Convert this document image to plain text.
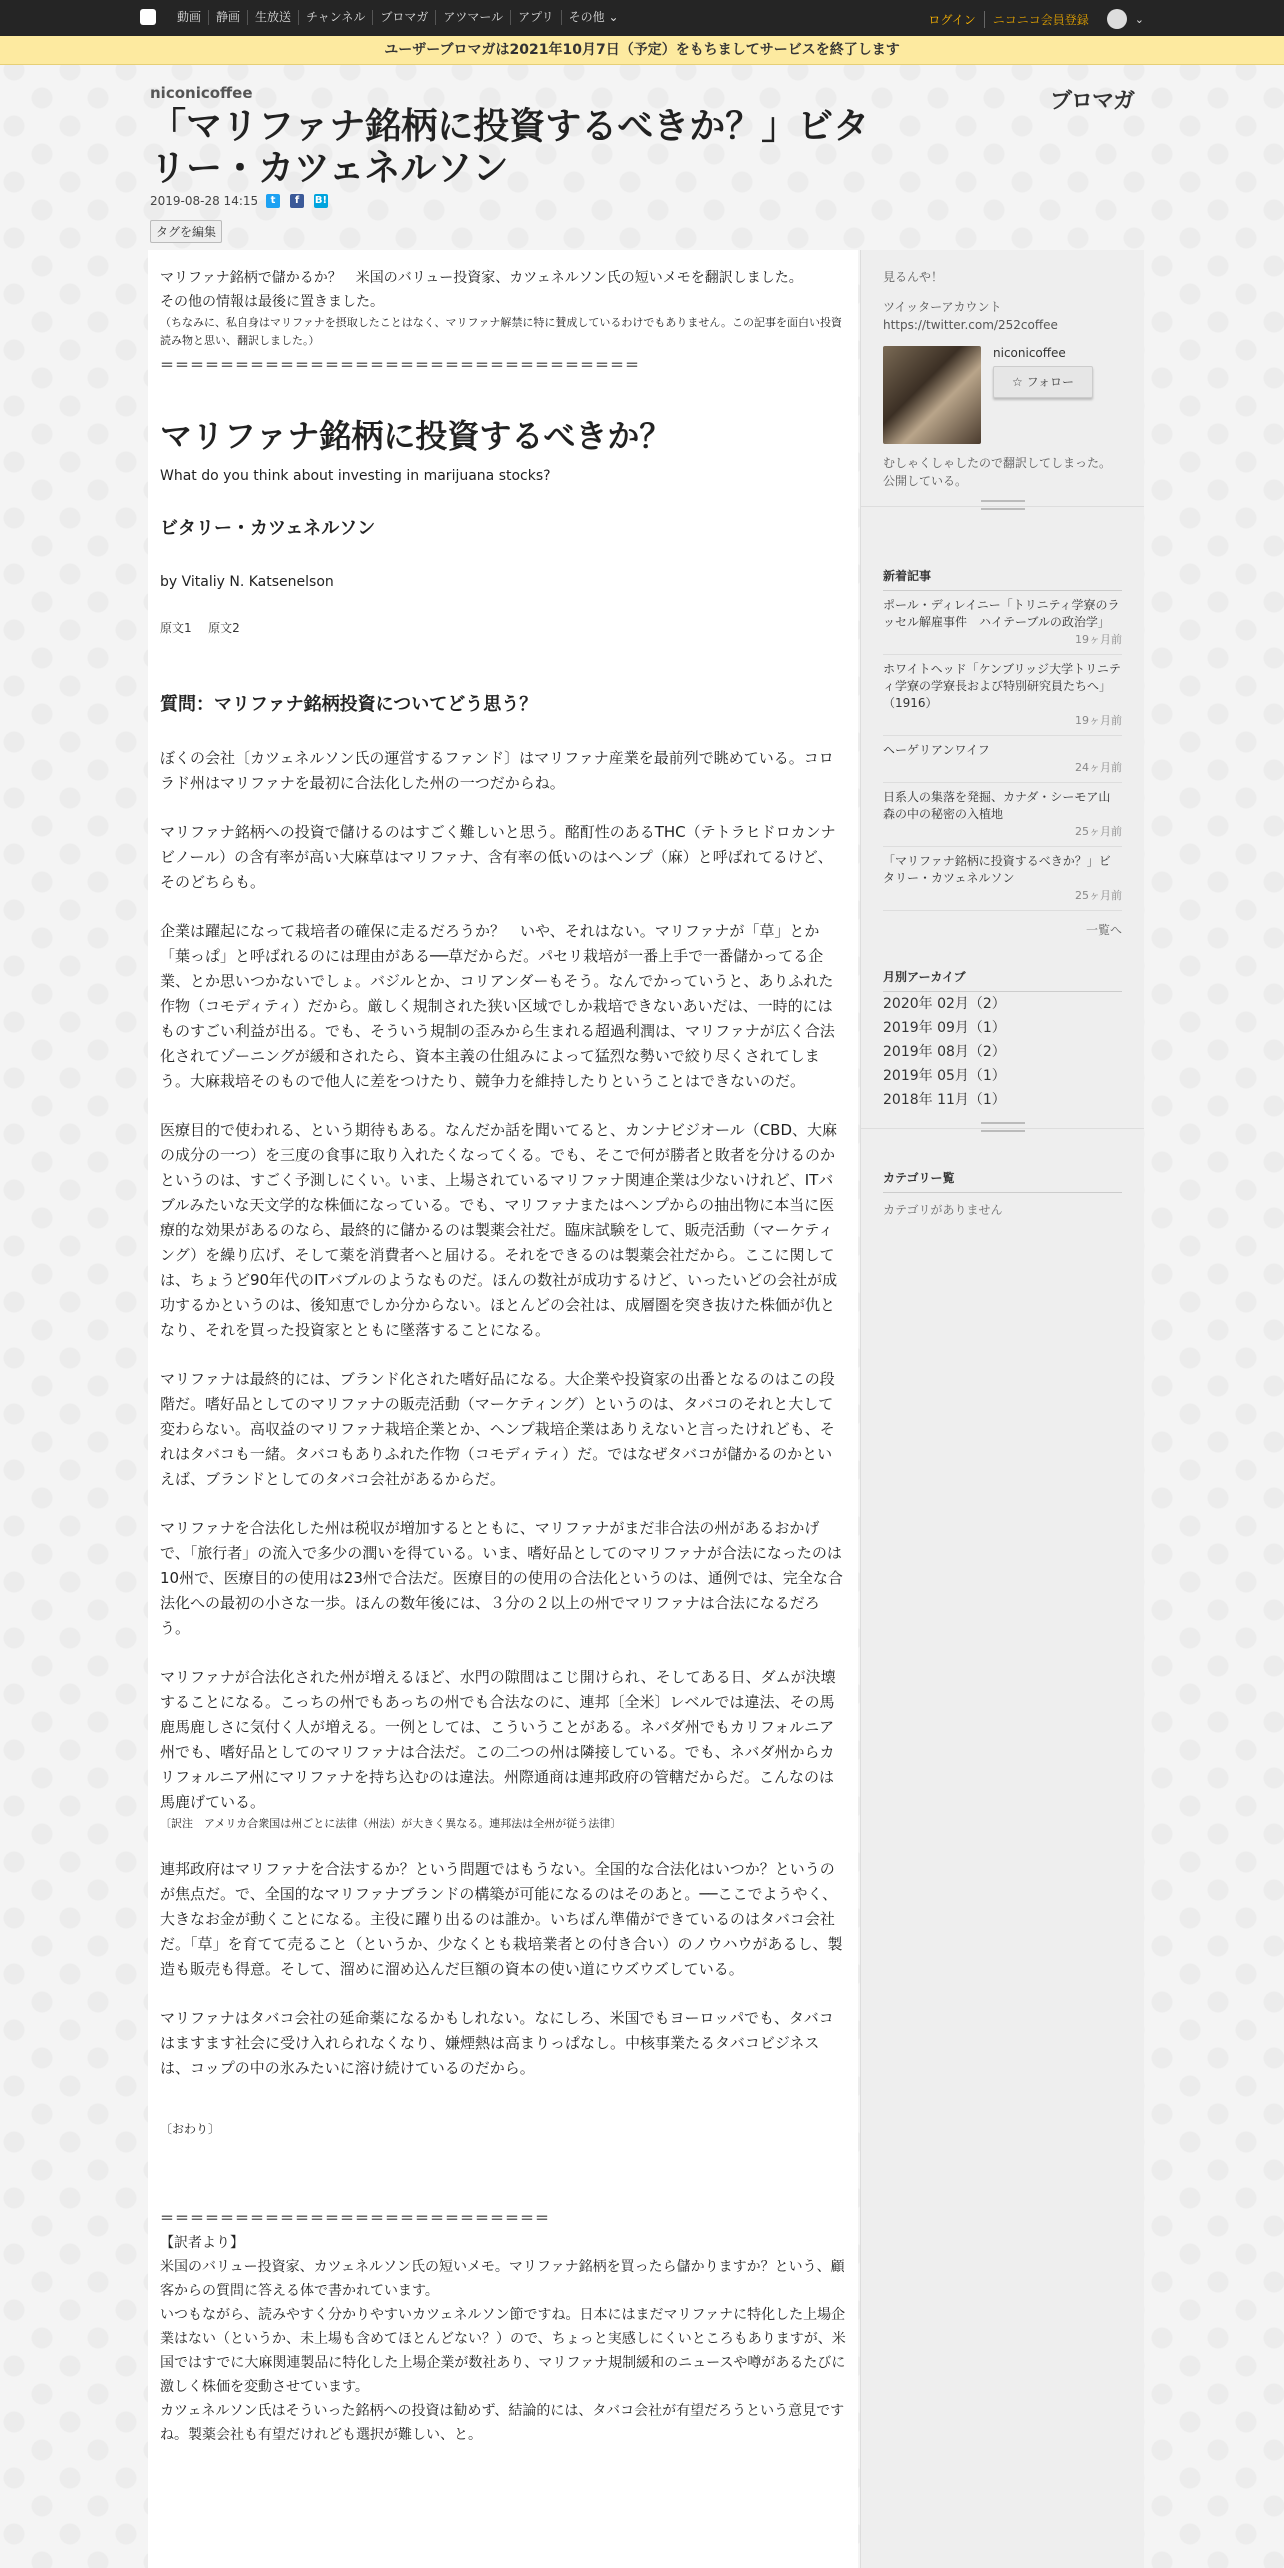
動画	静画	生放送	チャンネル	ブロマガ	アツマール	アプリ	その他 ⌄	ログイン	ニコニコ会員登録	⌄
ユーザーブロマガは2021年10月7日（予定）をもちましてサービスを終了します
niconicoffee	ブロマガ
「マリファナ銘柄に投資するべきか？」ビタリー・カツェネルソン
2019-08-28 14:15	t	f	B!
タグを編集

マリファナ銘柄で儲かるか？　米国のバリュー投資家、カツェネルソン氏の短いメモを翻訳しました。

その他の情報は最後に置きました。

（ちなみに、私自身はマリファナを摂取したことはなく、マリファナ解禁に特に賛成しているわけでもありません。この記事を面白い投資読み物と思い、翻訳しました。）

＝＝＝＝＝＝＝＝＝＝＝＝＝＝＝＝＝＝＝＝＝＝＝＝＝＝＝＝＝＝＝＝
マリファナ銘柄に投資するべきか？

What do you think about investing in marijuana stocks?

ビタリー・カツェネルソン

by Vitaliy N. Katsenelson

原文1 原文2

質問：マリファナ銘柄投資についてどう思う？

ぼくの会社〔カツェネルソン氏の運営するファンド〕はマリファナ産業を最前列で眺めている。コロラド州はマリファナを最初に合法化した州の一つだからね。

マリファナ銘柄への投資で儲けるのはすごく難しいと思う。酩酊性のあるTHC（テトラヒドロカンナビノール）の含有率が高い大麻草はマリファナ、含有率の低いのはヘンプ（麻）と呼ばれてるけど、そのどちらも。

企業は躍起になって栽培者の確保に走るだろうか？　いや、それはない。マリファナが「草」とか「葉っぱ」と呼ばれるのには理由がある──草だからだ。パセリ栽培が一番上手で一番儲かってる企業、とか思いつかないでしょ。バジルとか、コリアンダーもそう。なんでかっていうと、ありふれた作物（コモディティ）だから。厳しく規制された狭い区域でしか栽培できないあいだは、一時的にはものすごい利益が出る。でも、そういう規制の歪みから生まれる超過利潤は、マリファナが広く合法化されてゾーニングが緩和されたら、資本主義の仕組みによって猛烈な勢いで絞り尽くされてしまう。大麻栽培そのもので他人に差をつけたり、競争力を維持したりということはできないのだ。

医療目的で使われる、という期待もある。なんだか話を聞いてると、カンナビジオール（CBD、大麻の成分の一つ）を三度の食事に取り入れたくなってくる。でも、そこで何が勝者と敗者を分けるのかというのは、すごく予測しにくい。いま、上場されているマリファナ関連企業は少ないけれど、ITバブルみたいな天文学的な株価になっている。でも、マリファナまたはヘンプからの抽出物に本当に医療的な効果があるのなら、最終的に儲かるのは製薬会社だ。臨床試験をして、販売活動（マーケティング）を繰り広げ、そして薬を消費者へと届ける。それをできるのは製薬会社だから。ここに関しては、ちょうど90年代のITバブルのようなものだ。ほんの数社が成功するけど、いったいどの会社が成功するかというのは、後知恵でしか分からない。ほとんどの会社は、成層圏を突き抜けた株価が仇となり、それを買った投資家とともに墜落することになる。

マリファナは最終的には、ブランド化された嗜好品になる。大企業や投資家の出番となるのはこの段階だ。嗜好品としてのマリファナの販売活動（マーケティング）というのは、タバコのそれと大して変わらない。高収益のマリファナ栽培企業とか、ヘンプ栽培企業はありえないと言ったけれども、それはタバコも一緒。タバコもありふれた作物（コモディティ）だ。ではなぜタバコが儲かるのかといえば、ブランドとしてのタバコ会社があるからだ。

マリファナを合法化した州は税収が増加するとともに、マリファナがまだ非合法の州があるおかげで、「旅行者」の流入で多少の潤いを得ている。いま、嗜好品としてのマリファナが合法になったのは10州で、医療目的の使用は23州で合法だ。医療目的の使用の合法化というのは、通例では、完全な合法化への最初の小さな一歩。ほんの数年後には、３分の２以上の州でマリファナは合法になるだろう。

マリファナが合法化された州が増えるほど、水門の隙間はこじ開けられ、そしてある日、ダムが決壊することになる。こっちの州でもあっちの州でも合法なのに、連邦〔全米〕レベルでは違法、その馬鹿馬鹿しさに気付く人が増える。一例としては、こういうことがある。ネバダ州でもカリフォルニア州でも、嗜好品としてのマリファナは合法だ。この二つの州は隣接している。でも、ネバダ州からカリフォルニア州にマリファナを持ち込むのは違法。州際通商は連邦政府の管轄だからだ。こんなのは馬鹿げている。

〔訳注　アメリカ合衆国は州ごとに法律（州法）が大きく異なる。連邦法は全州が従う法律〕

連邦政府はマリファナを合法するか？という問題ではもうない。全国的な合法化はいつか？というのが焦点だ。で、全国的なマリファナブランドの構築が可能になるのはそのあと。──ここでようやく、大きなお金が動くことになる。主役に躍り出るのは誰か。いちばん準備ができているのはタバコ会社だ。「草」を育てて売ること（というか、少なくとも栽培業者との付き合い）のノウハウがあるし、製造も販売も得意。そして、溜めに溜め込んだ巨額の資本の使い道にウズウズしている。

マリファナはタバコ会社の延命薬になるかもしれない。なにしろ、米国でもヨーロッパでも、タバコはますます社会に受け入れられなくなり、嫌煙熱は高まりっぱなし。中核事業たるタバコビジネスは、コップの中の氷みたいに溶け続けているのだから。

〔おわり〕

＝＝＝＝＝＝＝＝＝＝＝＝＝＝＝＝＝＝＝＝＝＝＝＝＝＝

【訳者より】

米国のバリュー投資家、カツェネルソン氏の短いメモ。マリファナ銘柄を買ったら儲かりますか？という、顧客からの質問に答える体で書かれています。

いつもながら、読みやすく分かりやすいカツェネルソン節ですね。日本にはまだマリファナに特化した上場企業はない（というか、未上場も含めてほとんどない？）ので、ちょっと実感しにくいところもありますが、米国ではすでに大麻関連製品に特化した上場企業が数社あり、マリファナ規制緩和のニュースや噂があるたびに激しく株価を変動させています。

カツェネルソン氏はそういった銘柄への投資は勧めず、結論的には、タバコ会社が有望だろうという意見ですね。製薬会社も有望だけれども選択が難しい、と。

見るんや！
ツイッターアカウント https://twitter.com/252coffee
niconicoffee
☆ フォロー
むしゃくしゃしたので翻訳してしまった。公開している。
新着記事
ポール・ディレイニー「トリニティ学寮のラッセル解雇事件　ハイテーブルの政治学」
19ヶ月前
ホワイトヘッド「ケンブリッジ大学トリニティ学寮の学寮長および特別研究員たちへ」（1916）
19ヶ月前
ヘーゲリアンワイフ
24ヶ月前
日系人の集落を発掘、カナダ・シーモア山森の中の秘密の入植地
25ヶ月前
「マリファナ銘柄に投資するべきか？」ビタリー・カツェネルソン
25ヶ月前
一覧へ
月別アーカイブ
2020年 02月（2）
2019年 09月（1）
2019年 08月（2）
2019年 05月（1）
2018年 11月（1）
カテゴリー覧
カテゴリがありません
